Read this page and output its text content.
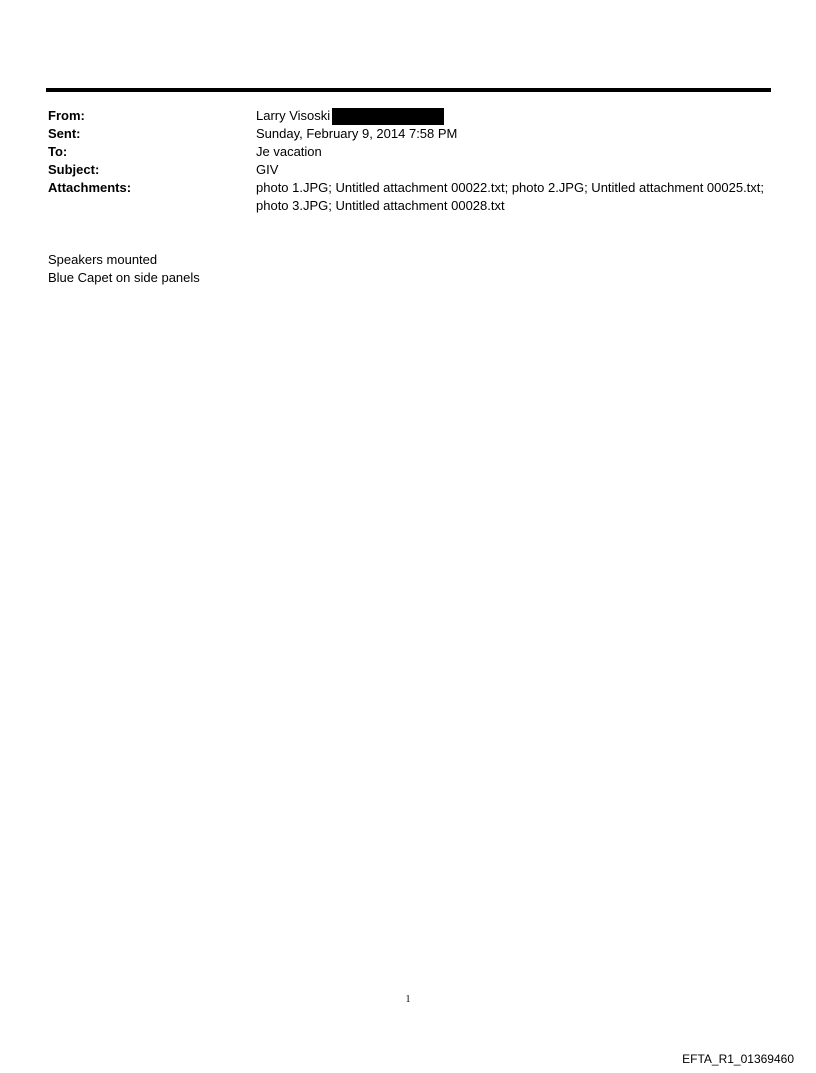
From:	Larry Visoski
Sent:	Sunday, February 9, 2014 7:58 PM
To:	Je vacation
Subject:	GIV
Attachments:	photo 1.JPG; Untitled attachment 00022.txt; photo 2.JPG; Untitled attachment 00025.txt; photo 3.JPG; Untitled attachment 00028.txt
Speakers mounted
Blue Capet on side panels
1
EFTA_R1_01369460
